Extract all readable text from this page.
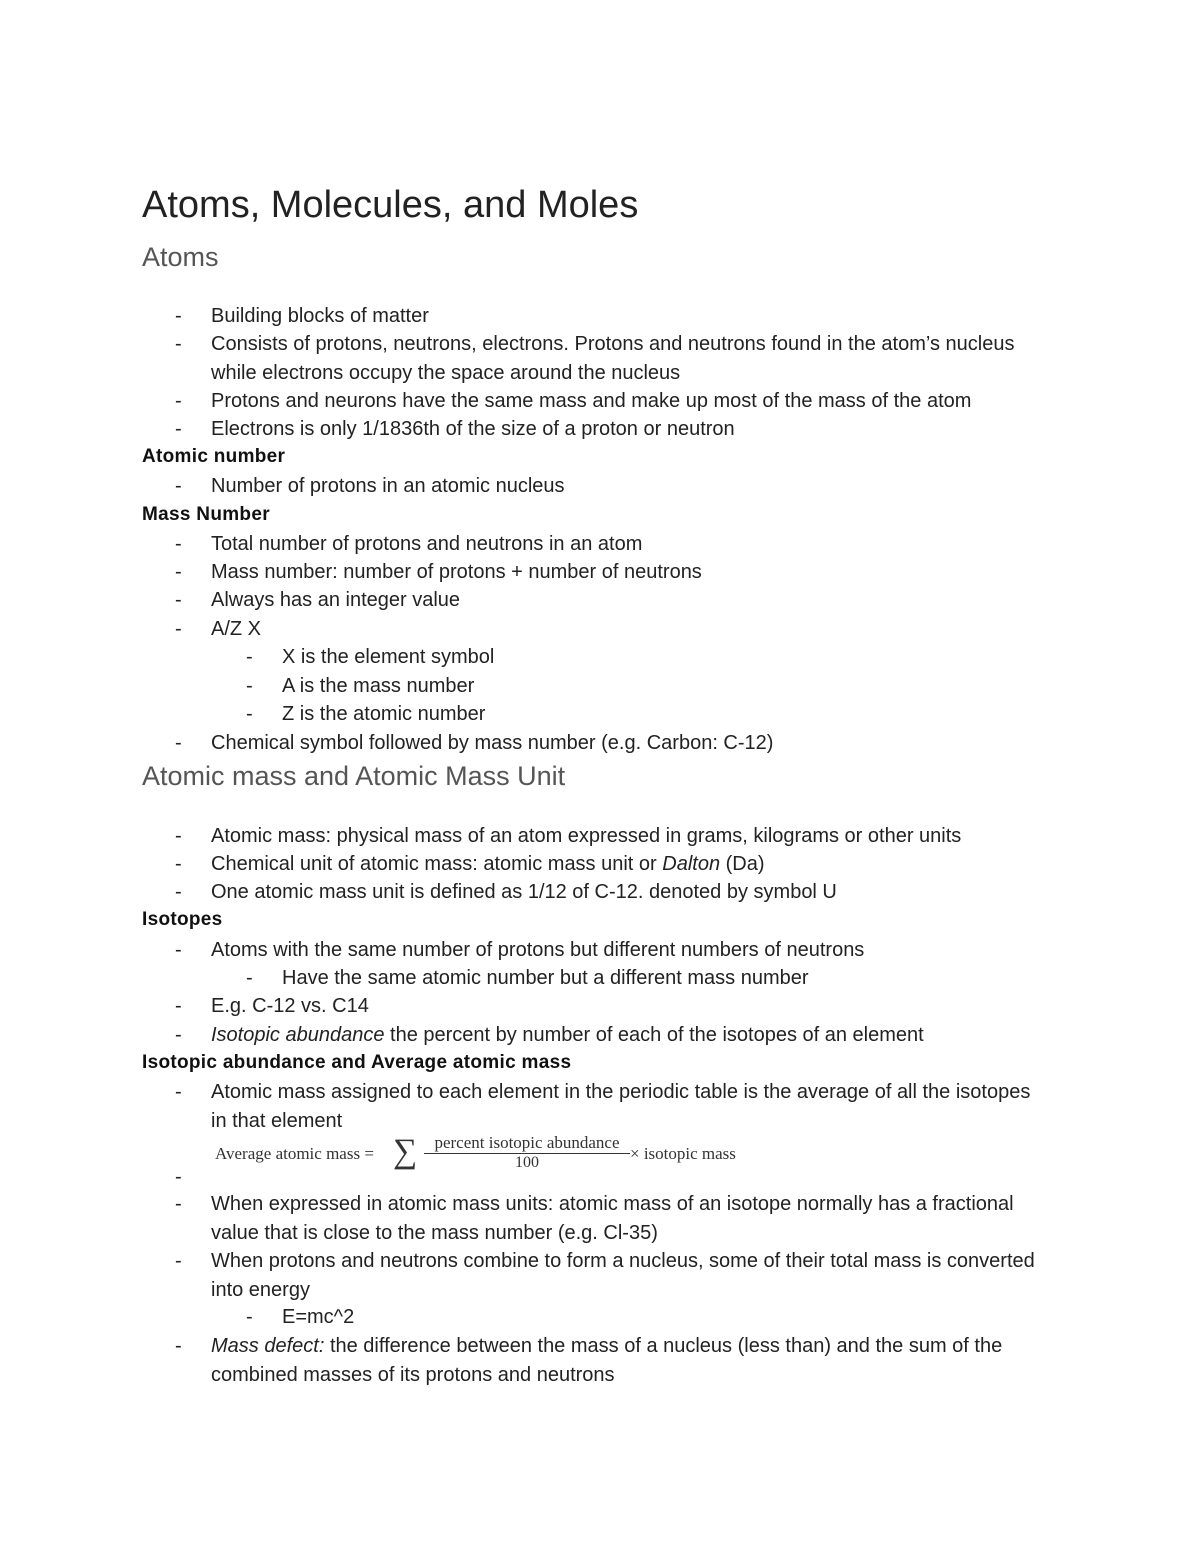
Atoms, Molecules, and Moles
Atoms
- Building blocks of matter
- Consists of protons, neutrons, electrons. Protons and neutrons found in the atom’s nucleus while electrons occupy the space around the nucleus
- Protons and neurons have the same mass and make up most of the mass of the atom
- Electrons is only 1/1836th of the size of a proton or neutron
Atomic number
- Number of protons in an atomic nucleus
Mass Number
- Total number of protons and neutrons in an atom
- Mass number: number of protons + number of neutrons
- Always has an integer value
- A/Z X
- X is the element symbol
- A is the mass number
- Z is the atomic number
- Chemical symbol followed by mass number (e.g. Carbon: C-12)
Atomic mass and Atomic Mass Unit
- Atomic mass: physical mass of an atom expressed in grams, kilograms or other units
- Chemical unit of atomic mass: atomic mass unit or Dalton (Da)
- One atomic mass unit is defined as 1/12 of C-12. denoted by symbol U
Isotopes
- Atoms with the same number of protons but different numbers of neutrons
- Have the same atomic number but a different mass number
- E.g. C-12 vs. C14
- Isotopic abundance the percent by number of each of the isotopes of an element
Isotopic abundance and Average atomic mass
- Atomic mass assigned to each element in the periodic table is the average of all the isotopes in that element
Average atomic mass = ∑	percent isotopic abundance
100	× isotopic mass
-
- When expressed in atomic mass units: atomic mass of an isotope normally has a fractional value that is close to the mass number (e.g. Cl-35)
- When protons and neutrons combine to form a nucleus, some of their total mass is converted into energy
- E=mc^2
- Mass defect: the difference between the mass of a nucleus (less than) and the sum of the combined masses of its protons and neutrons
